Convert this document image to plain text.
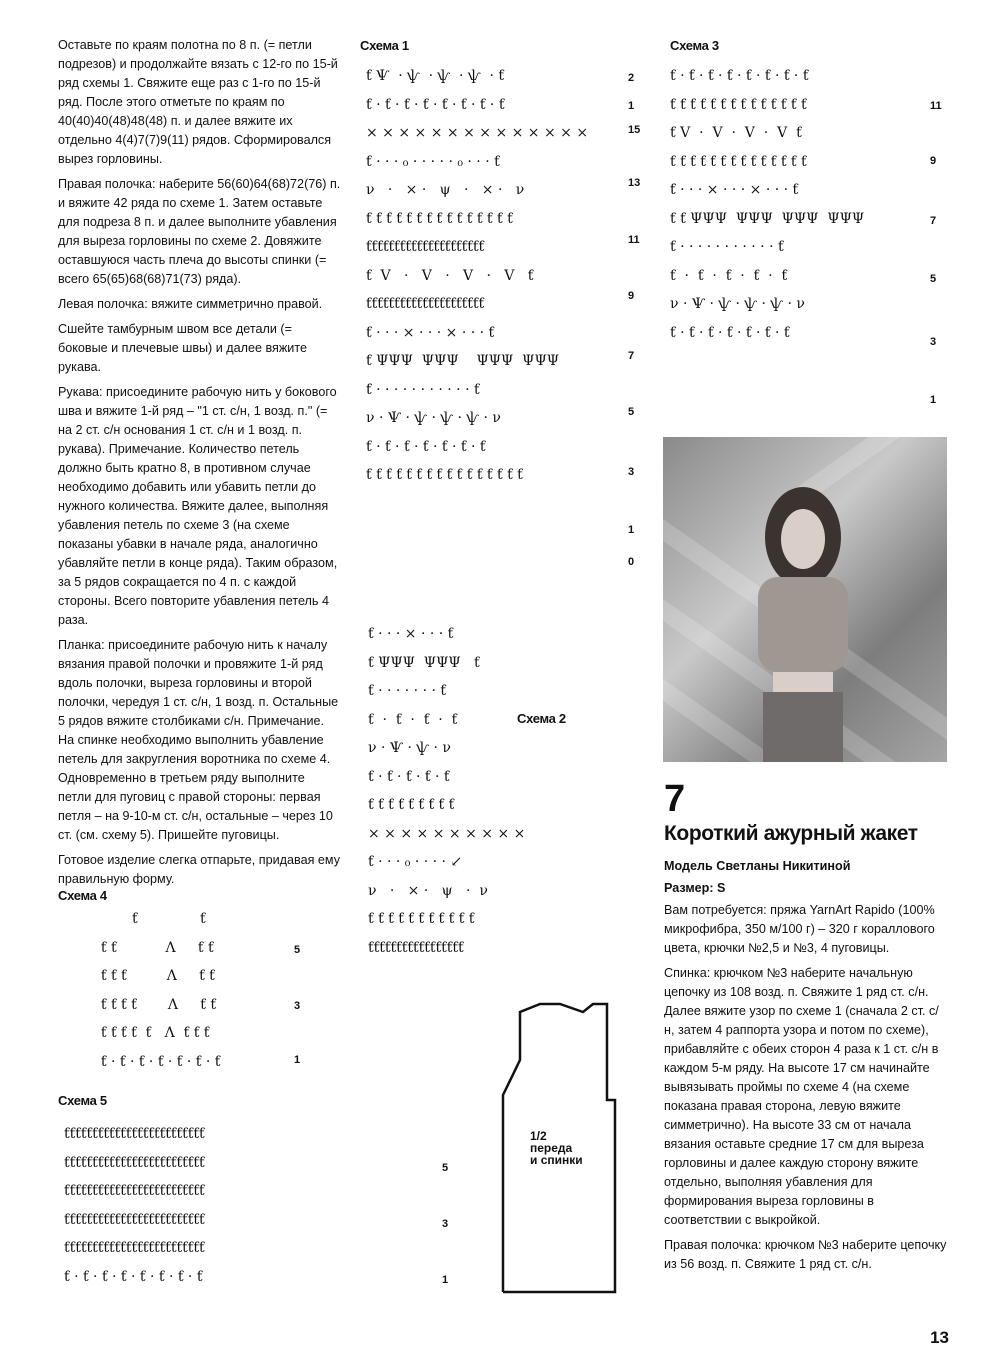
Оставьте по краям полотна по 8 п. (= петли подрезов) и продолжайте вязать с 12-го по 15-й ряд схемы 1. Свяжите еще раз с 1-го по 15-й ряд. После этого отметьте по краям по 40(40)40(48)48(48) п. и далее вяжите их отдельно 4(4)7(7)9(11) рядов. Сформировался вырез горловины.

Правая полочка: наберите 56(60)64(68)72(76) п. и вяжите 42 ряда по схеме 1. Затем оставьте для подреза 8 п. и далее выполните убавления для выреза горловины по схеме 2. Довяжите оставшуюся часть плеча до высоты спинки (= всего 65(65)68(68)71(73) ряда).

Левая полочка: вяжите симметрично правой.

Сшейте тамбурным швом все детали (= боковые и плечевые швы) и далее вяжите рукава.

Рукава: присоедините рабочую нить у бокового шва и вяжите 1-й ряд – "1 ст. с/н, 1 возд. п." (= на 2 ст. с/н основания 1 ст. с/н и 1 возд. п. рукава). Примечание. Количество петель должно быть кратно 8, в противном случае необходимо добавить или убавить петли до нужного количества. Вяжите далее, выполняя убавления петель по схеме 3 (на схеме показаны убавки в начале ряда, аналогично убавляйте петли в конце ряда). Таким образом, за 5 рядов сокращается по 4 п. с каждой стороны. Всего повторите убавления петель 4 раза.

Планка: присоедините рабочую нить к началу вязания правой полочки и провяжите 1-й ряд вдоль полочки, выреза горловины и второй полочки, чередуя 1 ст. с/н, 1 возд. п. Остальные 5 рядов вяжите столбиками с/н. Примечание. На спинке необходимо выполнить убавление петель для закругления воротника по схеме 4. Одновременно в третьем ряду выполните петли для пуговиц с правой стороны: первая петля – на 9-10-м ст. с/н, остальные – через 10 ст. (см. схему 5). Пришейте пуговицы.

Готовое изделие слегка отпарьте, придавая ему правильную форму.

Схема 1	Схема 3
Схема 2
Схема 4
Схема 5
ƭ Ѱ  · ѱ  · ѱ  · ѱ  · ƭ
ƭ · ƭ · ƭ · ƭ · ƭ · ƭ · ƭ · ƭ
× × × × × × × × × × × × × ×
ƭ · · · ₀ · · · · · ₀ · · · ƭ
ν   ·   × ·   ψ   ·   × ·   ν
ƭ ƭ ƭ ƭ ƭ ƭ ƭ ƭ ƭ ƭ ƭ ƭ ƭ ƭ ƭ
ƭƭƭƭƭƭƭƭƭƭƭƭƭƭƭƭƭƭƭƭƭ
ƭ  V   ·   V   ·   V   ·   V   ƭ
ƭƭƭƭƭƭƭƭƭƭƭƭƭƭƭƭƭƭƭƭƭ
ƭ · · · × · · · × · · · ƭ
ƭ ΨΨΨ  ΨΨΨ    ΨΨΨ  ΨΨΨ
ƭ · · · · · · · · · · · ƭ
ν · Ѱ · ѱ · ѱ · ѱ · ν
ƭ · ƭ · ƭ · ƭ · ƭ · ƭ · ƭ
ƭ ƭ ƭ ƭ ƭ ƭ ƭ ƭ ƭ ƭ ƭ ƭ ƭ ƭ ƭ ƭ
2
1
15
13
11
9
7
5
3
1
0
ƭ · ƭ · ƭ · ƭ · ƭ · ƭ · ƭ · ƭ
ƭ ƭ ƭ ƭ ƭ ƭ ƭ ƭ ƭ ƭ ƭ ƭ ƭ ƭ
ƭ V  ·  V  ·  V  ·  V  ƭ
ƭ ƭ ƭ ƭ ƭ ƭ ƭ ƭ ƭ ƭ ƭ ƭ ƭ ƭ
ƭ · · · × · · · × · · · ƭ
ƭ ƭ ΨΨΨ  ΨΨΨ  ΨΨΨ  ΨΨΨ
ƭ · · · · · · · · · · · ƭ
ƭ  ·  ƭ  ·  ƭ  ·  ƭ  ·  ƭ
ν · Ѱ · ѱ · ѱ · ѱ · ν
ƭ · ƭ · ƭ · ƭ · ƭ · ƭ · ƭ
11
9
7
5
3
1
ƭ · · · × · · · ƭ
ƭ ΨΨΨ  ΨΨΨ   ƭ
ƭ · · · · · · · ƭ
ƭ  ·  ƭ  ·  ƭ  ·  ƭ
ν · Ѱ · ѱ · ν
ƭ · ƭ · ƭ · ƭ · ƭ
ƭ ƭ ƭ ƭ ƭ ƭ ƭ ƭ ƭ
× × × × × × × × × ×
ƭ · · · ₀ · · · · ↙
ν   ·   × ·   ψ   ·  ν
ƭ ƭ ƭ ƭ ƭ ƭ ƭ ƭ ƭ ƭ ƭ
ƭƭƭƭƭƭƭƭƭƭƭƭƭƭƭƭƭ
ƭ              ƭ
ƭ ƭ           Λ     ƭ ƭ
ƭ ƭ ƭ         Λ     ƭ ƭ
ƭ ƭ ƭ ƭ       Λ     ƭ ƭ
ƭ ƭ ƭ ƭ  ƭ   Λ  ƭ ƭ ƭ
ƭ · ƭ · ƭ · ƭ · ƭ · ƭ · ƭ
5
3
1
ƭƭƭƭƭƭƭƭƭƭƭƭƭƭƭƭƭƭƭƭƭƭƭƭƭ
ƭƭƭƭƭƭƭƭƭƭƭƭƭƭƭƭƭƭƭƭƭƭƭƭƭ
ƭƭƭƭƭƭƭƭƭƭƭƭƭƭƭƭƭƭƭƭƭƭƭƭƭ
ƭƭƭƭƭƭƭƭƭƭƭƭƭƭƭƭƭƭƭƭƭƭƭƭƭ
ƭƭƭƭƭƭƭƭƭƭƭƭƭƭƭƭƭƭƭƭƭƭƭƭƭ
ƭ · ƭ · ƭ · ƭ · ƭ · ƭ · ƭ · ƭ
5
3
1
1/2
переда
и спинки
7
Короткий ажурный жакет

Модель Светланы Никитиной

Размер: S

Вам потребуется: пряжа YarnArt Rapido (100% микрофибра, 350 м/100 г) – 320 г кораллового цвета, крючки №2,5 и №3, 4 пуговицы.

Спинка: крючком №3 наберите начальную цепочку из 108 возд. п. Свяжите 1 ряд ст. с/н. Далее вяжите узор по схеме 1 (сначала 2 ст. с/н, затем 4 раппорта узора и потом по схеме), прибавляйте с обеих сторон 4 раза к 1 ст. с/н в каждом 5-м ряду. На высоте 17 см начинайте вывязывать проймы по схеме 4 (на схеме показана правая сторона, левую вяжите симметрично). На высоте 33 см от начала вязания оставьте средние 17 см для выреза горловины и далее каждую сторону вяжите отдельно, выполняя убавления для формирования выреза горловины в соответствии с выкройкой.

Правая полочка: крючком №3 наберите цепочку из 56 возд. п. Свяжите 1 ряд ст. с/н.

13
